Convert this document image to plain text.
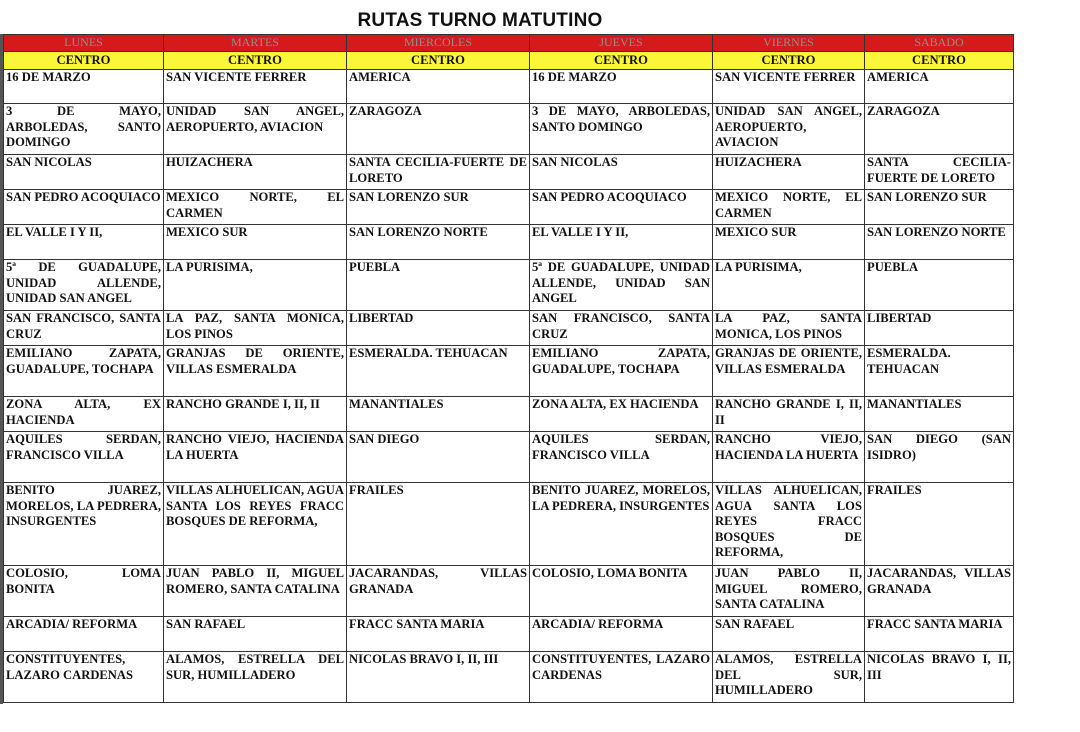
RUTAS TURNO MATUTINO
LUNES	MARTES	MIERCOLES	JUEVES	VIERNES	SABADO
CENTRO	CENTRO	CENTRO	CENTRO	CENTRO	CENTRO
16 DE MARZO	SAN VICENTE FERRER	AMERICA	16 DE MARZO	SAN VICENTE FERRER	AMERICA
3 DE MAYO, ARBOLEDAS, SANTO DOMINGO	UNIDAD SAN ANGEL, AEROPUERTO, AVIACION	ZARAGOZA	3 DE MAYO, ARBOLEDAS, SANTO DOMINGO	UNIDAD SAN ANGEL, AEROPUERTO, AVIACION	ZARAGOZA
SAN NICOLAS	HUIZACHERA	SANTA CECILIA-FUERTE DE LORETO	SAN NICOLAS	HUIZACHERA	SANTA CECILIA-FUERTE DE LORETO
SAN PEDRO ACOQUIACO	MEXICO NORTE, EL CARMEN	SAN LORENZO SUR	SAN PEDRO ACOQUIACO	MEXICO NORTE, EL CARMEN	SAN LORENZO SUR
EL VALLE I Y II,	MEXICO SUR	SAN LORENZO NORTE	EL VALLE I Y II,	MEXICO SUR	SAN LORENZO NORTE
5ª DE GUADALUPE, UNIDAD ALLENDE, UNIDAD SAN ANGEL	LA PURISIMA,	PUEBLA	5ª DE GUADALUPE, UNIDAD ALLENDE, UNIDAD SAN ANGEL	LA PURISIMA,	PUEBLA
SAN FRANCISCO, SANTA CRUZ	LA PAZ, SANTA MONICA, LOS PINOS	LIBERTAD	SAN FRANCISCO, SANTA CRUZ	LA PAZ, SANTA MONICA, LOS PINOS	LIBERTAD
EMILIANO ZAPATA, GUADALUPE, TOCHAPA	GRANJAS DE ORIENTE, VILLAS ESMERALDA	ESMERALDA. TEHUACAN	EMILIANO ZAPATA, GUADALUPE, TOCHAPA	GRANJAS DE ORIENTE, VILLAS ESMERALDA	ESMERALDA. TEHUACAN
ZONA ALTA, EX HACIENDA	RANCHO GRANDE I, II, II	MANANTIALES	ZONA ALTA, EX HACIENDA	RANCHO GRANDE I, II, II	MANANTIALES
AQUILES SERDAN, FRANCISCO VILLA	RANCHO VIEJO, HACIENDA LA HUERTA	SAN DIEGO	AQUILES SERDAN, FRANCISCO VILLA	RANCHO VIEJO, HACIENDA LA HUERTA	SAN DIEGO (SAN ISIDRO)
BENITO JUAREZ, MORELOS, LA PEDRERA, INSURGENTES	VILLAS ALHUELICAN, AGUA SANTA LOS REYES FRACC BOSQUES DE REFORMA,	FRAILES	BENITO JUAREZ, MORELOS, LA PEDRERA, INSURGENTES	VILLAS ALHUELICAN, AGUA SANTA LOS REYES FRACC BOSQUES DE REFORMA,	FRAILES
COLOSIO, LOMA BONITA	JUAN PABLO II, MIGUEL ROMERO, SANTA CATALINA	JACARANDAS, VILLAS GRANADA	COLOSIO, LOMA BONITA	JUAN PABLO II, MIGUEL ROMERO, SANTA CATALINA	JACARANDAS, VILLAS GRANADA
ARCADIA/ REFORMA	SAN RAFAEL	FRACC SANTA MARIA	ARCADIA/ REFORMA	SAN RAFAEL	FRACC SANTA MARIA
CONSTITUYENTES, LAZARO CARDENAS	ALAMOS, ESTRELLA DEL SUR, HUMILLADERO	NICOLAS BRAVO I, II, III	CONSTITUYENTES, LAZARO CARDENAS	ALAMOS, ESTRELLA DEL SUR, HUMILLADERO	NICOLAS BRAVO I, II, III
